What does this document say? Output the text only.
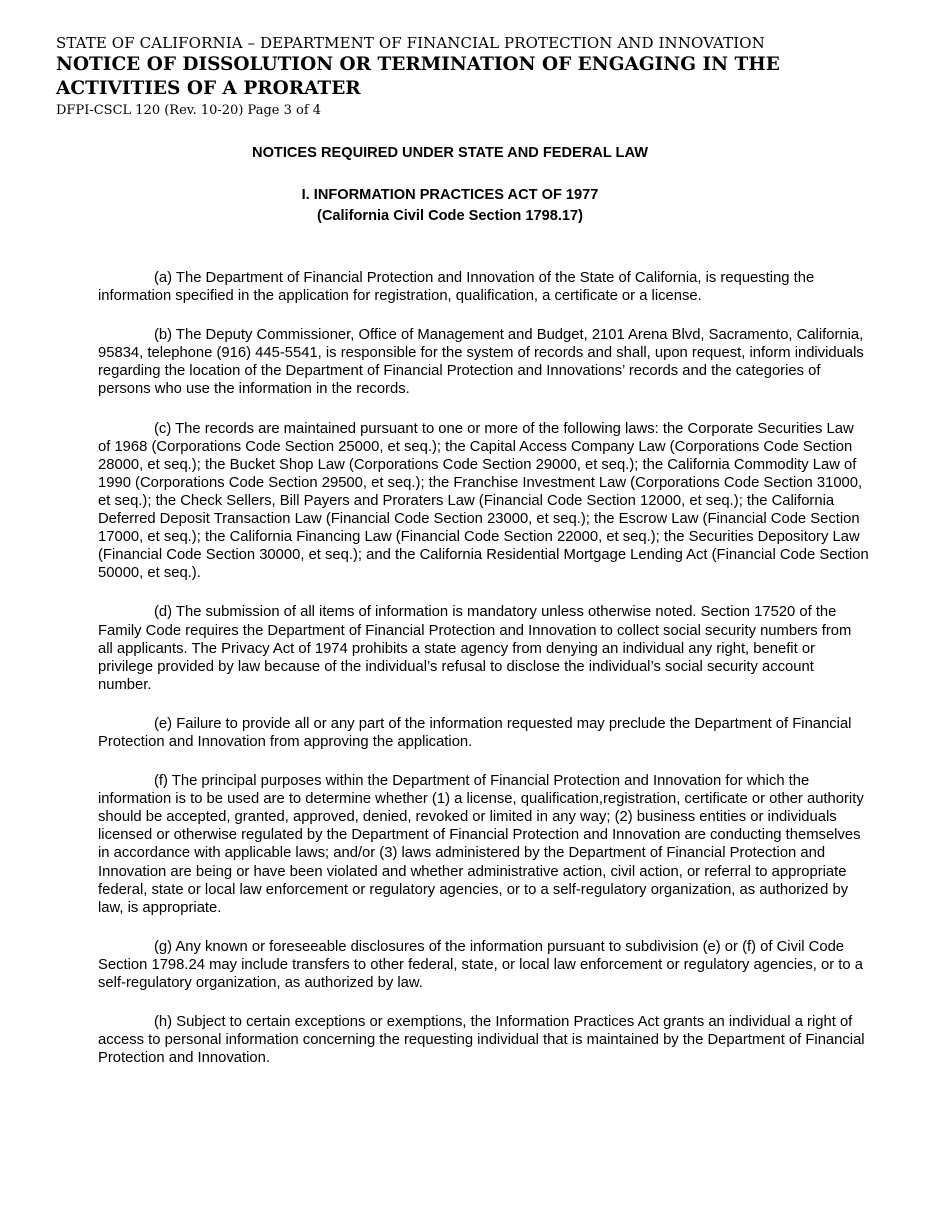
STATE OF CALIFORNIA – DEPARTMENT OF FINANCIAL PROTECTION AND INNOVATION
NOTICE OF DISSOLUTION OR TERMINATION OF ENGAGING IN THE
ACTIVITIES OF A PRORATER
DFPI-CSCL 120 (Rev. 10-20) Page 3 of 4
NOTICES REQUIRED UNDER STATE AND FEDERAL LAW
I. INFORMATION PRACTICES ACT OF 1977
(California Civil Code Section 1798.17)

(a) The Department of Financial Protection and Innovation of the State of California, is requesting the information specified in the application for registration, qualification, a certificate or a license.

(b) The Deputy Commissioner, Office of Management and Budget, 2101 Arena Blvd, Sacramento, California, 95834, telephone (916) 445-5541, is responsible for the system of records and shall, upon request, inform individuals regarding the location of the Department of Financial Protection and Innovations’ records and the categories of persons who use the information in the records.

(c) The records are maintained pursuant to one or more of the following laws: the Corporate Securities Law of 1968 (Corporations Code Section 25000, et seq.); the Capital Access Company Law (Corporations Code Section 28000, et seq.); the Bucket Shop Law (Corporations Code Section 29000, et seq.); the California Commodity Law of 1990 (Corporations Code Section 29500, et seq.); the Franchise Investment Law (Corporations Code Section 31000, et seq.); the Check Sellers, Bill Payers and Proraters Law (Financial Code Section 12000, et seq.); the California Deferred Deposit Transaction Law (Financial Code Section 23000, et seq.); the Escrow Law (Financial Code Section 17000, et seq.); the California Financing Law (Financial Code Section 22000, et seq.); the Securities Depository Law (Financial Code Section 30000, et seq.); and the California Residential Mortgage Lending Act (Financial Code Section 50000, et seq.).

(d) The submission of all items of information is mandatory unless otherwise noted. Section 17520 of the Family Code requires the Department of Financial Protection and Innovation to collect social security numbers from all applicants. The Privacy Act of 1974 prohibits a state agency from denying an individual any right, benefit or privilege provided by law because of the individual’s refusal to disclose the individual’s social security account number.

(e) Failure to provide all or any part of the information requested may preclude the Department of Financial Protection and Innovation from approving the application.

(f) The principal purposes within the Department of Financial Protection and Innovation for which the information is to be used are to determine whether (1) a license, qualification,registration, certificate or other authority should be accepted, granted, approved, denied, revoked or limited in any way; (2) business entities or individuals licensed or otherwise regulated by the Department of Financial Protection and Innovation are conducting themselves in accordance with applicable laws; and/or (3) laws administered by the Department of Financial Protection and Innovation are being or have been violated and whether administrative action, civil action, or referral to appropriate federal, state or local law enforcement or regulatory agencies, or to a self-regulatory organization, as authorized by law, is appropriate.

(g) Any known or foreseeable disclosures of the information pursuant to subdivision (e) or (f) of Civil Code Section 1798.24 may include transfers to other federal, state, or local law enforcement or regulatory agencies, or to a self-regulatory organization, as authorized by law.

(h) Subject to certain exceptions or exemptions, the Information Practices Act grants an individual a right of access to personal information concerning the requesting individual that is maintained by the Department of Financial Protection and Innovation.
